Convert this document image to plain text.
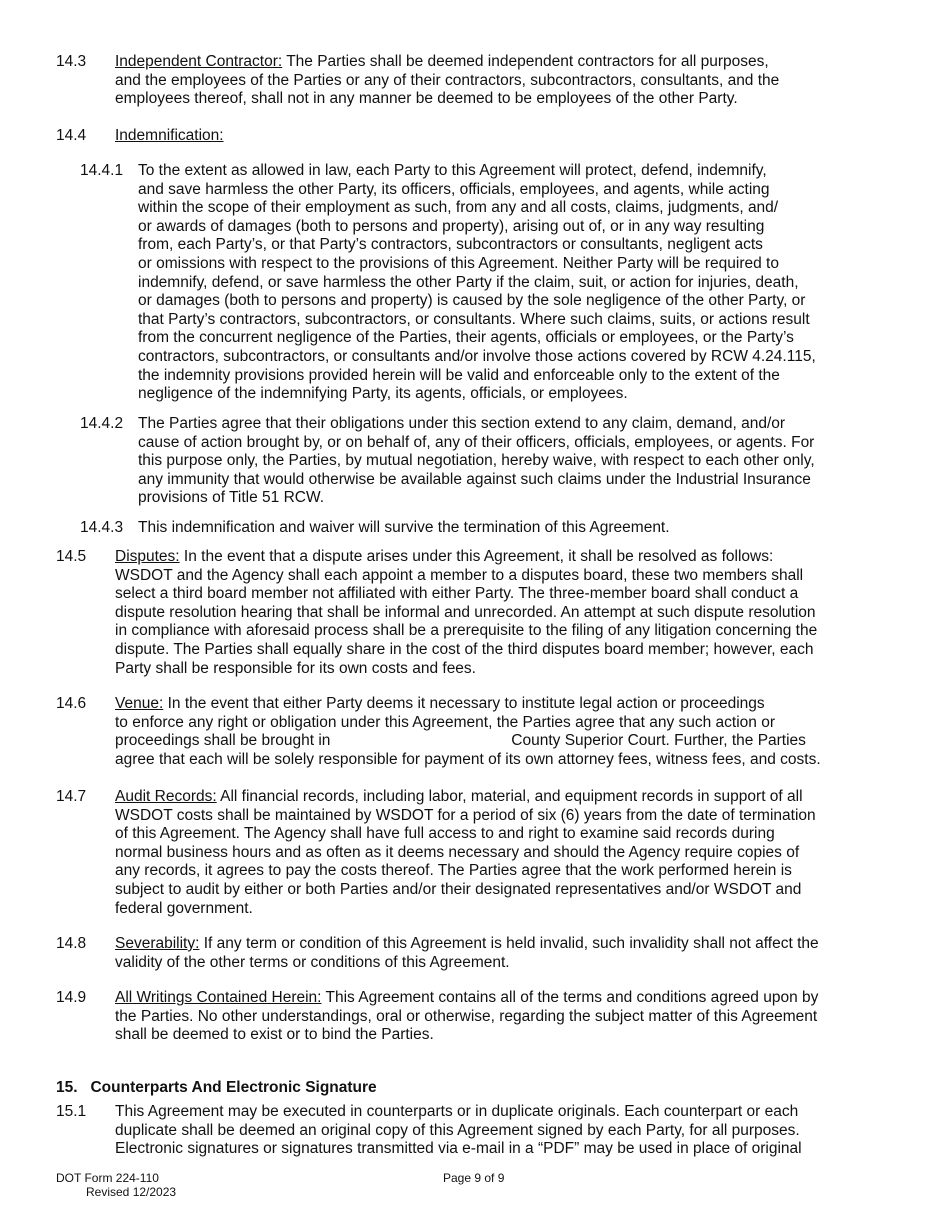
14.3 Independent Contractor: The Parties shall be deemed independent contractors for all purposes,
and the employees of the Parties or any of their contractors, subcontractors, consultants, and the
employees thereof, shall not in any manner be deemed to be employees of the other Party.
14.4 Indemnification:
14.4.1 To the extent as allowed in law, each Party to this Agreement will protect, defend, indemnify,
and save harmless the other Party, its officers, officials, employees, and agents, while acting
within the scope of their employment as such, from any and all costs, claims, judgments, and/
or awards of damages (both to persons and property), arising out of, or in any way resulting
from, each Party’s, or that Party’s contractors, subcontractors or consultants, negligent acts
or omissions with respect to the provisions of this Agreement. Neither Party will be required to
indemnify, defend, or save harmless the other Party if the claim, suit, or action for injuries, death,
or damages (both to persons and property) is caused by the sole negligence of the other Party, or
that Party’s contractors, subcontractors, or consultants. Where such claims, suits, or actions result
from the concurrent negligence of the Parties, their agents, officials or employees, or the Party’s
contractors, subcontractors, or consultants and/or involve those actions covered by RCW 4.24.115,
the indemnity provisions provided herein will be valid and enforceable only to the extent of the
negligence of the indemnifying Party, its agents, officials, or employees.
14.4.2 The Parties agree that their obligations under this section extend to any claim, demand, and/or
cause of action brought by, or on behalf of, any of their officers, officials, employees, or agents. For
this purpose only, the Parties, by mutual negotiation, hereby waive, with respect to each other only,
any immunity that would otherwise be available against such claims under the Industrial Insurance
provisions of Title 51 RCW.
14.4.3 This indemnification and waiver will survive the termination of this Agreement.
14.5 Disputes: In the event that a dispute arises under this Agreement, it shall be resolved as follows:
WSDOT and the Agency shall each appoint a member to a disputes board, these two members shall
select a third board member not affiliated with either Party. The three-member board shall conduct a
dispute resolution hearing that shall be informal and unrecorded. An attempt at such dispute resolution
in compliance with aforesaid process shall be a prerequisite to the filing of any litigation concerning the
dispute. The Parties shall equally share in the cost of the third disputes board member; however, each
Party shall be responsible for its own costs and fees.
14.6 Venue: In the event that either Party deems it necessary to institute legal action or proceedings
to enforce any right or obligation under this Agreement, the Parties agree that any such action or
proceedings shall be brought in                                          County Superior Court. Further, the Parties
agree that each will be solely responsible for payment of its own attorney fees, witness fees, and costs.
14.7 Audit Records: All financial records, including labor, material, and equipment records in support of all
WSDOT costs shall be maintained by WSDOT for a period of six (6) years from the date of termination
of this Agreement. The Agency shall have full access to and right to examine said records during
normal business hours and as often as it deems necessary and should the Agency require copies of
any records, it agrees to pay the costs thereof. The Parties agree that the work performed herein is
subject to audit by either or both Parties and/or their designated representatives and/or WSDOT and
federal government.
14.8 Severability: If any term or condition of this Agreement is held invalid, such invalidity shall not affect the
validity of the other terms or conditions of this Agreement.
14.9 All Writings Contained Herein: This Agreement contains all of the terms and conditions agreed upon by
the Parties. No other understandings, oral or otherwise, regarding the subject matter of this Agreement
shall be deemed to exist or to bind the Parties.
15.   Counterparts And Electronic Signature
15.1 This Agreement may be executed in counterparts or in duplicate originals. Each counterpart or each
duplicate shall be deemed an original copy of this Agreement signed by each Party, for all purposes.
Electronic signatures or signatures transmitted via e-mail in a “PDF” may be used in place of original
DOT Form 224-110
Revised 12/2023
Page 9 of 9
